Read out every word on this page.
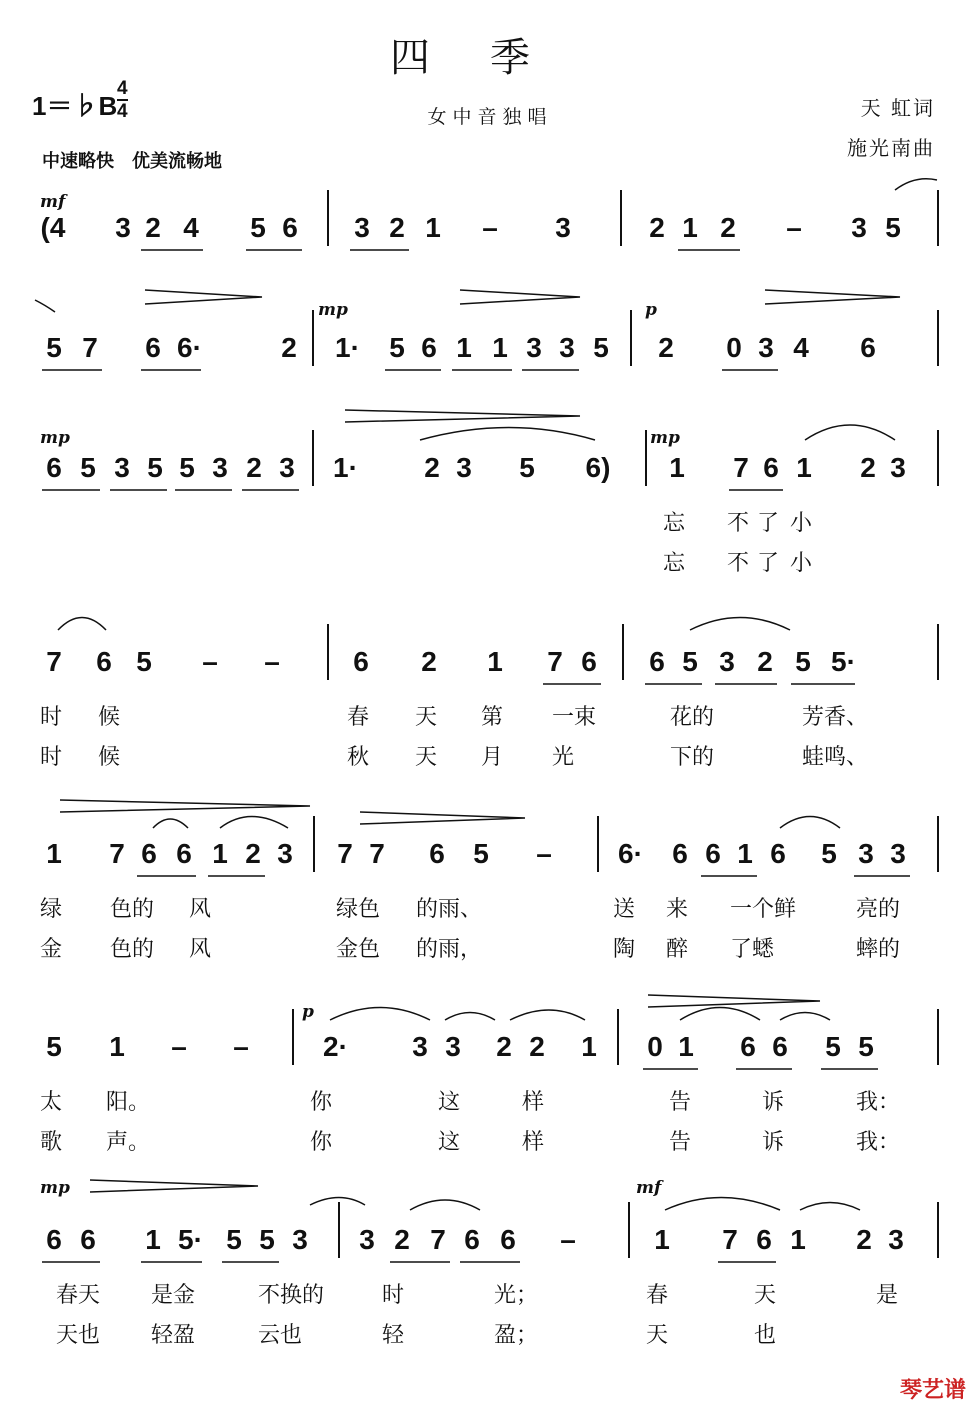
四季
1＝♭B
4
4	女中音独唱	天 虹词
施光南曲
中速略快　优美流畅地
琴艺谱
(4 3 2 4 5 6 3 2 1 – 3	2 1 2 – 3 5
mf
5 7 6 6·	2 1· 5 6 1 1 3 3 5 2 0 3 4 6
mp	p
6 5 3 5 5 3 2 3 1· 2 3 5 6) 1 7 6 1 2 3
mp	mp
忘 不 了 小
忘 不 了 小
7 6 5 – –	6 2 1 7 6 6 5 3 2 5 5·
时 候	春 天 第 一束	花的	芳香、
时 候	秋 天 月 光	下的	蛙鸣、
1 7 6 6 1 2 3 7 7 6 5 – 6· 6 6 1 6 5 3 3
绿 色的 风	绿色 的雨、	送 来 一个鲜	亮的
金 色的 风	金色 的雨，	陶 醉 了蟋	蟀的
5 1 – –	2· 3 3 2 2 1 0 1 6 6 5 5
p
太 阳。	你	这	样	告	诉	我：
歌 声。	你	这	样	告	诉	我：
6 6 1 5· 5 5 3 3 2 7 6 6 –	1 7 6 1 2 3
mp	mf
春天 是金	不换的	时	光；	春	天	是
天也 轻盈	云也	轻	盈；	天	也
